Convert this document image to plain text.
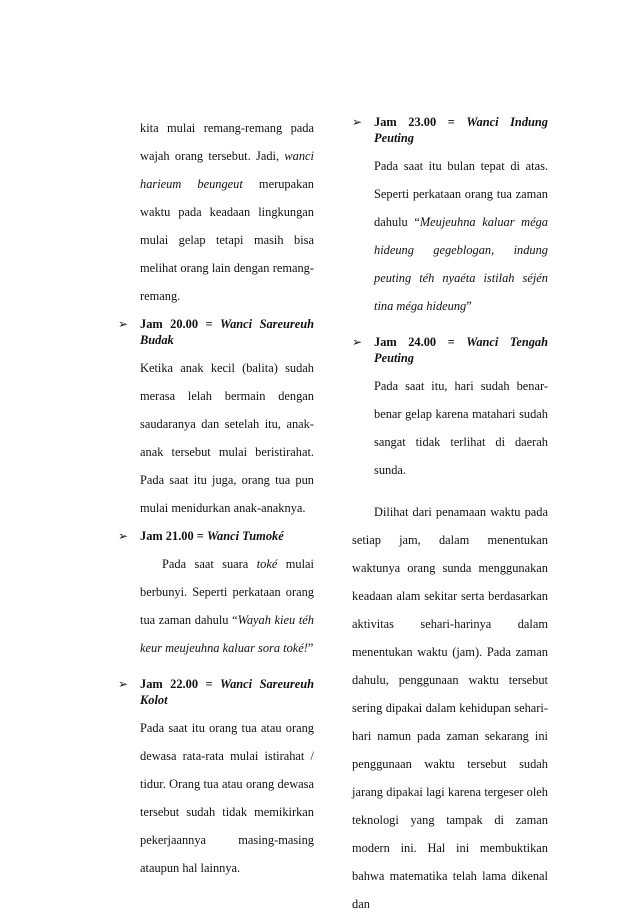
kita mulai remang-remang pada wajah orang tersebut. Jadi, wanci harieum beungeut merupakan waktu pada keadaan lingkungan mulai gelap tetapi masih bisa melihat orang lain dengan remang-remang.

➢ Jam 20.00 = Wanci Sareureuh Budak

Ketika anak kecil (balita) sudah merasa lelah bermain dengan saudaranya dan setelah itu, anak-anak tersebut mulai beristirahat. Pada saat itu juga, orang tua pun mulai menidurkan anak-anaknya.

➢ Jam 21.00 = Wanci Tumoké

Pada saat suara toké mulai berbunyi. Seperti perkataan orang tua zaman dahulu “Wayah kieu téh keur meujeuhna kaluar sora toké!”

➢ Jam 22.00 = Wanci Sareureuh Kolot

Pada saat itu orang tua atau orang dewasa rata-rata mulai istirahat / tidur. Orang tua atau orang dewasa tersebut sudah tidak memikirkan pekerjaannya masing-masing ataupun hal lainnya.

➢ Jam 23.00 = Wanci Indung Peuting

Pada saat itu bulan tepat di atas. Seperti perkataan orang tua zaman dahulu “Meujeuhna kaluar méga hideung gegeblogan, indung peuting téh nyaéta istilah séjén tina méga hideung”

➢ Jam 24.00 = Wanci Tengah Peuting

Pada saat itu, hari sudah benar-benar gelap karena matahari sudah sangat tidak terlihat di daerah sunda.

Dilihat dari penamaan waktu pada setiap jam, dalam menentukan waktunya orang sunda menggunakan keadaan alam sekitar serta berdasarkan aktivitas sehari-harinya dalam menentukan waktu (jam). Pada zaman dahulu, penggunaan waktu tersebut sering dipakai dalam kehidupan sehari-hari namun pada zaman sekarang ini penggunaan waktu tersebut sudah jarang dipakai lagi karena tergeser oleh teknologi yang tampak di zaman modern ini. Hal ini membuktikan bahwa matematika telah lama dikenal dan
